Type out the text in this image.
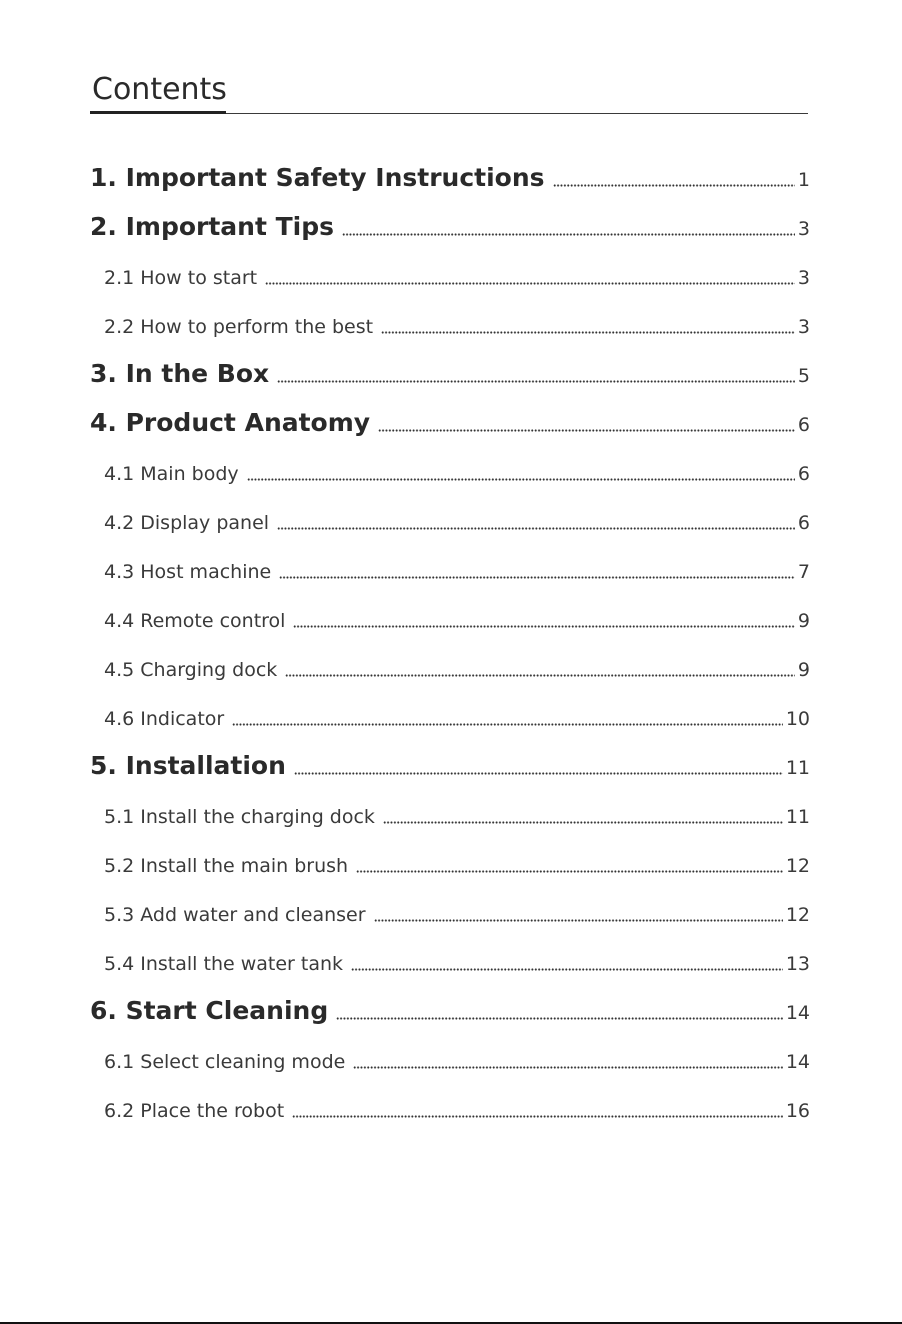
Contents
1. Important Safety Instructions	1
2. Important Tips	3
2.1 How to start	3
2.2 How to perform the best	3
3. In the Box	5
4. Product Anatomy	6
4.1 Main body	6
4.2 Display panel	6
4.3 Host machine	7
4.4 Remote control	9
4.5 Charging dock	9
4.6 Indicator	10
5. Installation	11
5.1 Install the charging dock	11
5.2 Install the main brush	12
5.3 Add water and cleanser	12
5.4 Install the water tank	13
6. Start Cleaning	14
6.1 Select cleaning mode	14
6.2 Place the robot	16
